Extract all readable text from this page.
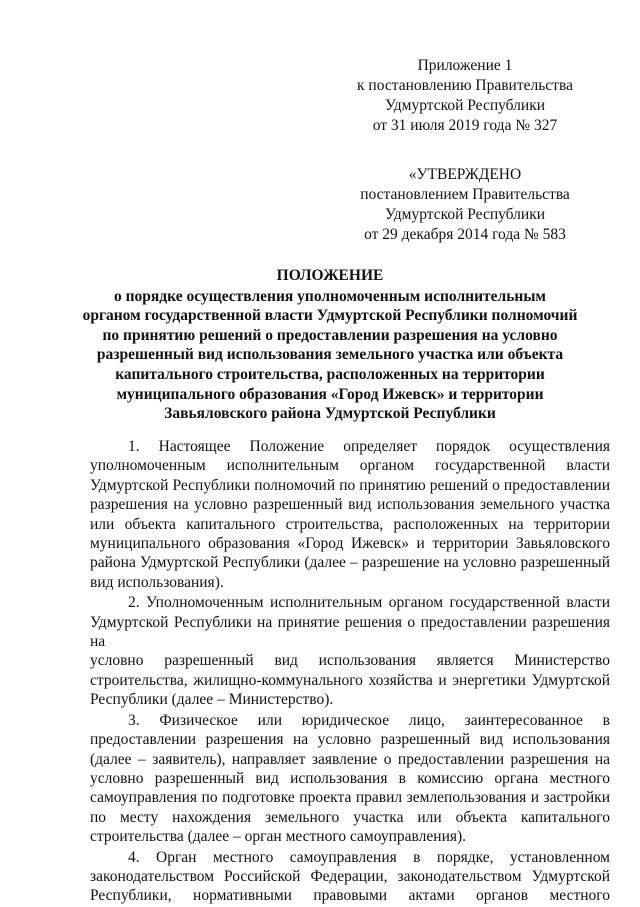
Приложение 1
к постановлению Правительства
Удмуртской Республики
от 31 июля 2019 года № 327
«УТВЕРЖДЕНО
постановлением Правительства
Удмуртской Республики
от 29 декабря 2014 года № 583
ПОЛОЖЕНИЕ
о порядке осуществления уполномоченным исполнительным
органом государственной власти Удмуртской Республики полномочий
по принятию решений о предоставлении разрешения на условно
разрешенный вид использования земельного участка или объекта
капитального строительства, расположенных на территории
муниципального образования «Город Ижевск» и территории
Завьяловского района Удмуртской Республики
1. Настоящее Положение определяет порядок осуществления
уполномоченным исполнительным органом государственной власти
Удмуртской Республики полномочий по принятию решений о предоставлении
разрешения на условно разрешенный вид использования земельного участка
или объекта капитального строительства, расположенных на территории
муниципального образования «Город Ижевск» и территории Завьяловского
района Удмуртской Республики (далее – разрешение на условно разрешенный
вид использования).
2. Уполномоченным исполнительным органом государственной власти
Удмуртской Республики на принятие решения о предоставлении разрешения на
условно разрешенный вид использования является Министерство
строительства, жилищно-коммунального хозяйства и энергетики Удмуртской
Республики (далее – Министерство).
3. Физическое или юридическое лицо, заинтересованное в
предоставлении разрешения на условно разрешенный вид использования
(далее – заявитель), направляет заявление о предоставлении разрешения на
условно разрешенный вид использования в комиссию органа местного
самоуправления по подготовке проекта правил землепользования и застройки
по месту нахождения земельного участка или объекта капитального
строительства (далее – орган местного самоуправления).
4. Орган местного самоуправления в порядке, установленном
законодательством Российской Федерации, законодательством Удмуртской
Республики, нормативными правовыми актами органов местного
